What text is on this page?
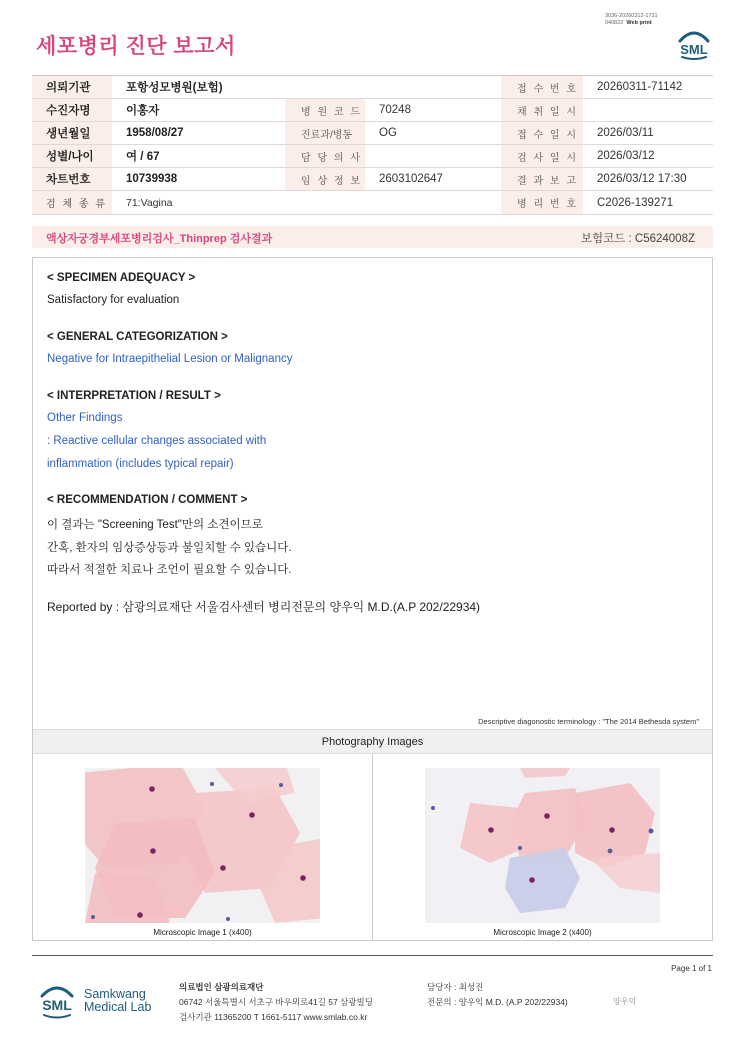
3036-20260312-1731
040822 Web print
세포병리 진단 보고서	SML
의뢰기관	포항성모병원(보험)			접 수 번 호	20260311-71142
수진자명	이홍자	병 원 코 드	70248	채 취 일 시	
생년월일	1958/08/27	진료과/병동	OG	접 수 일 시	2026/03/11
성별/나이	여 / 67	담 당 의 사		검 사 일 시	2026/03/12
차트번호	10739938	임 상 정 보	2603102647	결 과 보 고	2026/03/12 17:30
검 체 종 류	71:Vagina			병 리 번 호	C2026-139271
액상자궁경부세포병리검사_Thinprep 검사결과	보험코드 : C5624008Z
< SPECIMEN ADEQUACY >
Satisfactory for evaluation
< GENERAL CATEGORIZATION >
Negative for Intraepithelial Lesion or Malignancy
< INTERPRETATION / RESULT >
Other Findings
: Reactive cellular changes associated with
inflammation (includes typical repair)
< RECOMMENDATION / COMMENT >
이 결과는 "Screening Test"만의 소견이므로
간혹, 환자의 임상증상등과 불일치할 수 있습니다.
따라서 적절한 치료나 조언이 필요할 수 있습니다.
Reported by : 삼광의료재단 서울검사센터 병리전문의 양우익 M.D.(A.P 202/22934)
Descriptive diagonostic terminology : "The 2014 Bethesda system"
Photography Images
Microscopic Image 1 (x400)	Microscopic Image 2 (x400)
Page 1 of 1
SML
Samkwang
Medical Lab
의료법인 삼광의료재단
06742 서울특별시 서초구 바우뫼로41길 57 삼광빌딩
검사기관 11365200 T 1661-5117 www.smlab.co.kr
담당자 : 최성진
전문의 : 양우익 M.D. (A.P 202/22934)	양우익
